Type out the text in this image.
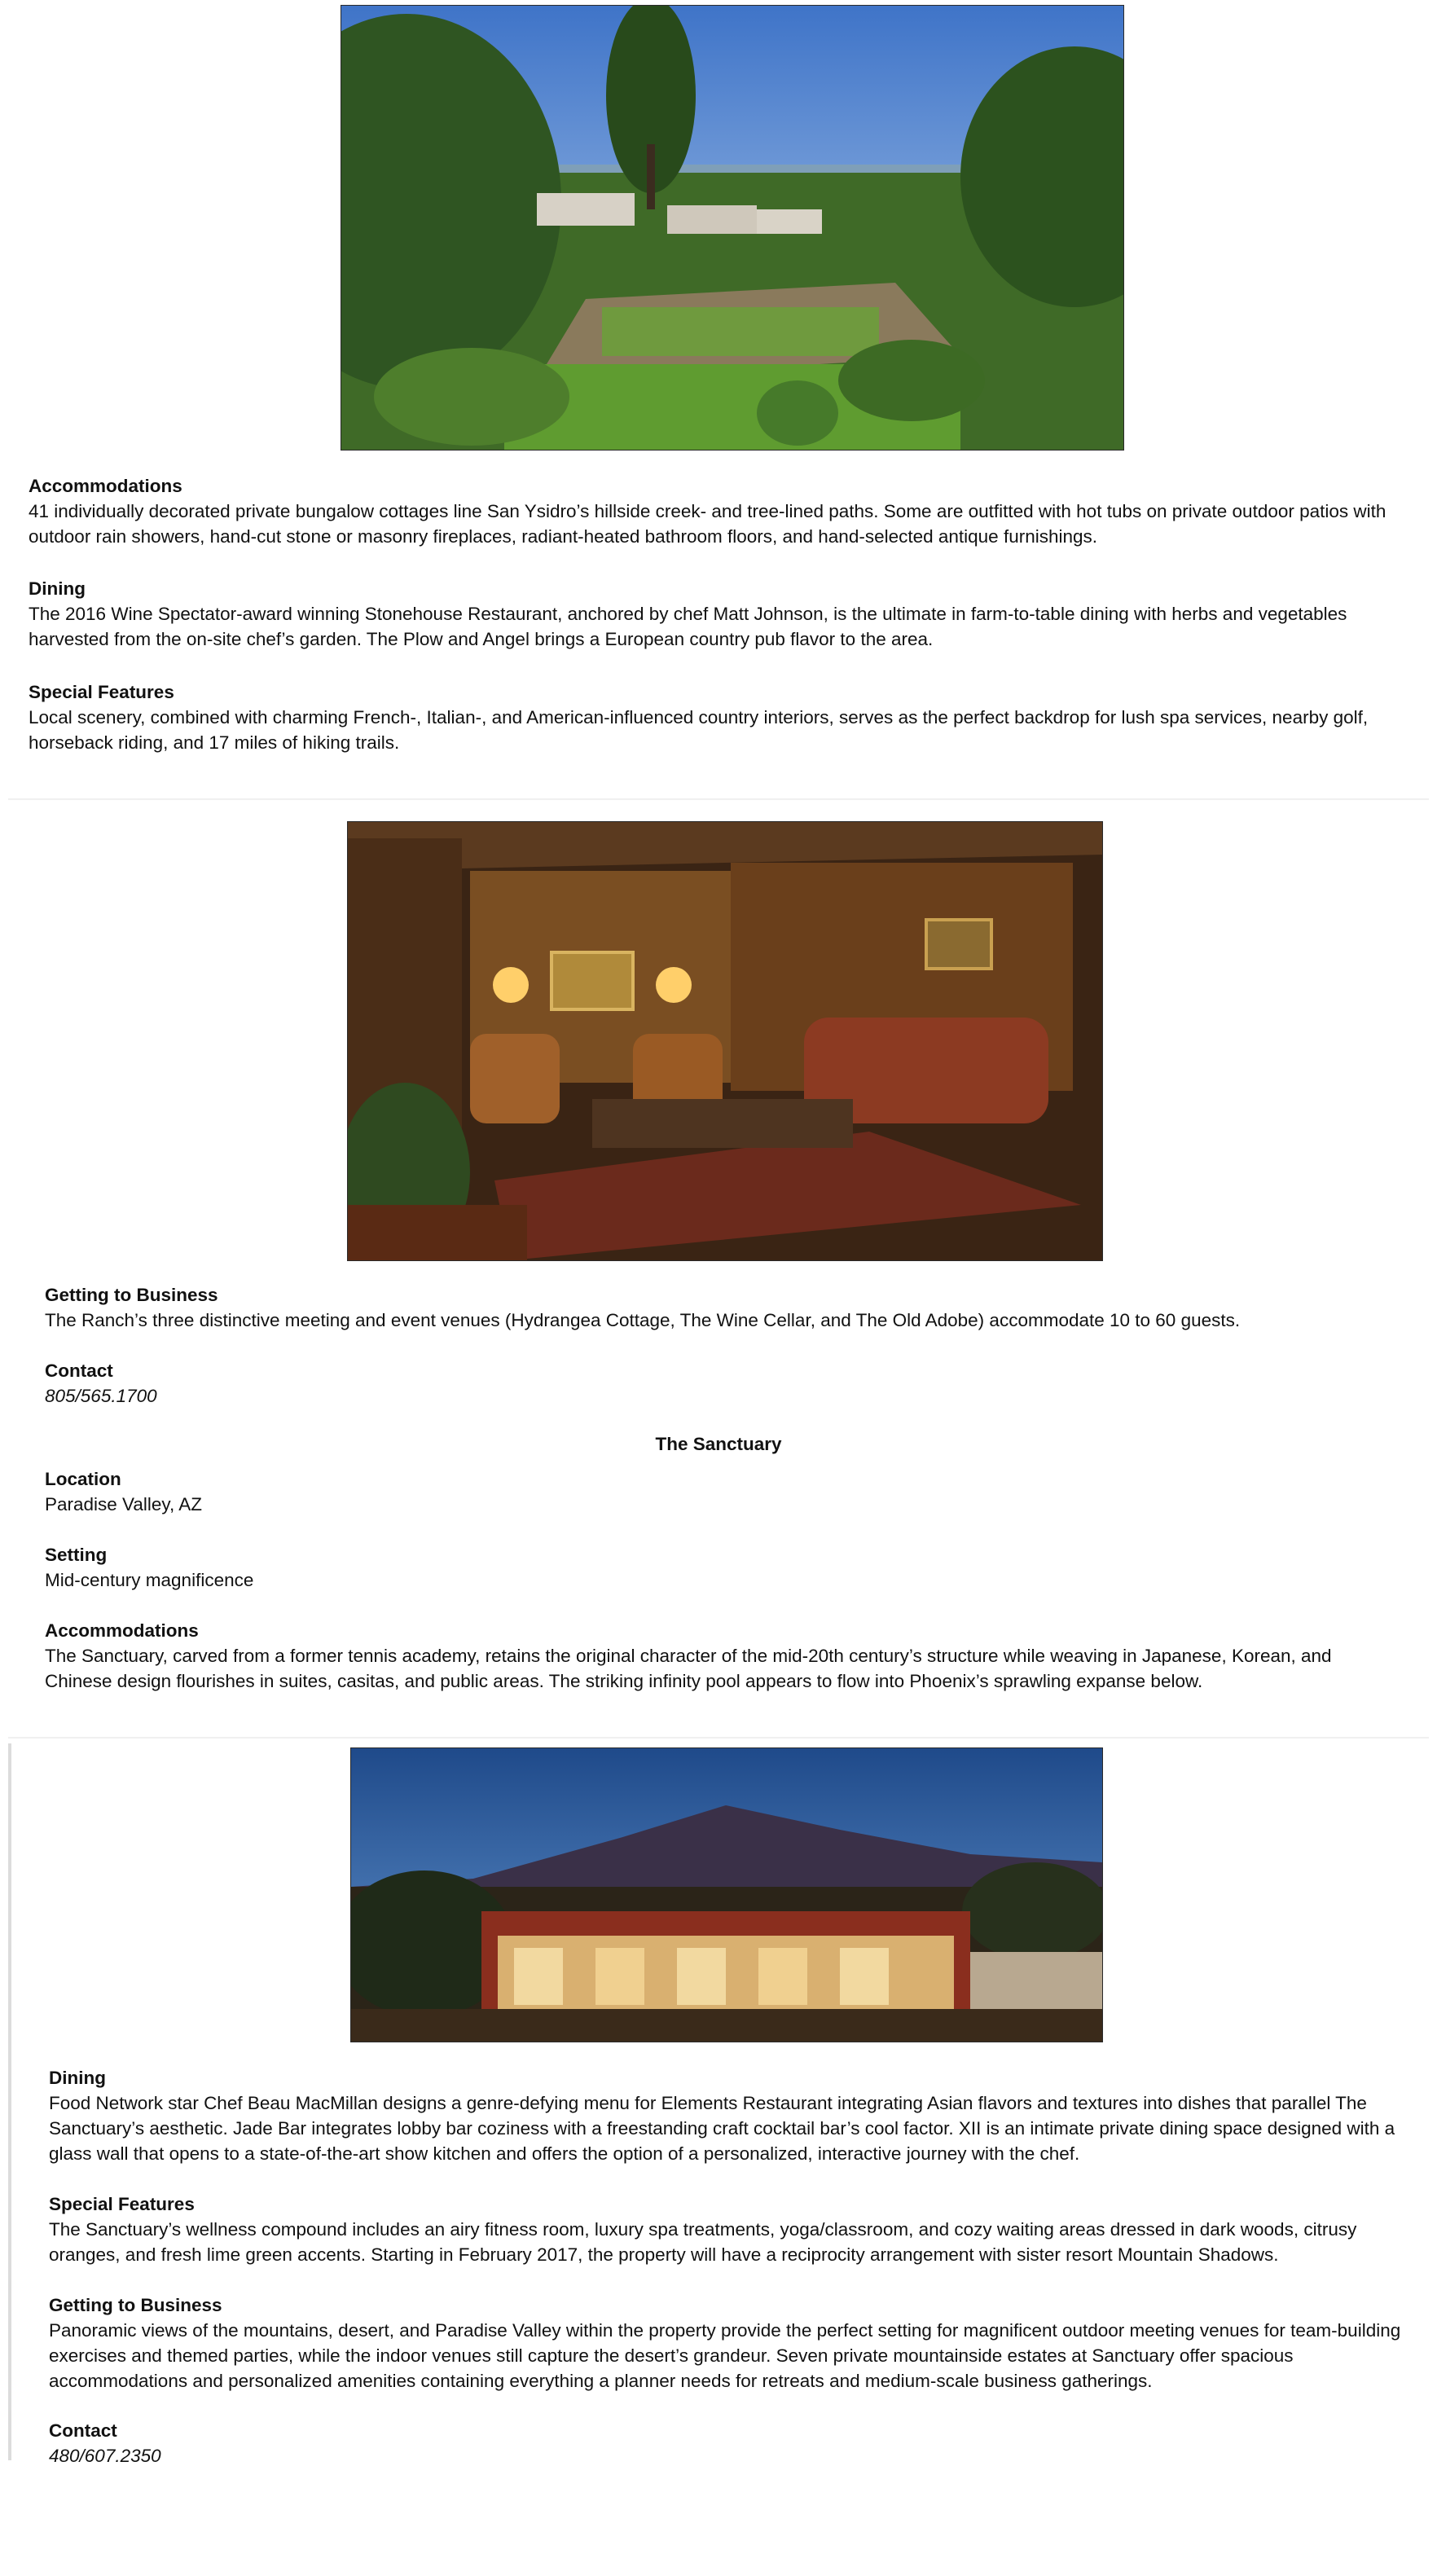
Accommodations
41 individually decorated private bungalow cottages line San Ysidro’s hillside creek- and tree-lined paths. Some are outfitted with hot tubs on private outdoor patios with outdoor rain showers, hand-cut stone or masonry fireplaces, radiant-heated bathroom floors, and hand-selected antique furnishings.
Dining
The 2016 Wine Spectator-award winning Stonehouse Restaurant, anchored by chef Matt Johnson, is the ultimate in farm-to-table dining with herbs and vegetables harvested from the on-site chef’s garden. The Plow and Angel brings a European country pub flavor to the area.
Special Features
Local scenery, combined with charming French-, Italian-, and American-influenced country interiors, serves as the perfect backdrop for lush spa services, nearby golf, horseback riding, and 17 miles of hiking trails.
Getting to Business
The Ranch’s three distinctive meeting and event venues (Hydrangea Cottage, The Wine Cellar, and The Old Adobe) accommodate 10 to 60 guests.
Contact
805/565.1700
The Sanctuary
Location
Paradise Valley, AZ
Setting
Mid-century magnificence
Accommodations
The Sanctuary, carved from a former tennis academy, retains the original character of the mid-20th century’s structure while weaving in Japanese, Korean, and Chinese design flourishes in suites, casitas, and public areas. The striking infinity pool appears to flow into Phoenix’s sprawling expanse below.
Dining
Food Network star Chef Beau MacMillan designs a genre-defying menu for Elements Restaurant integrating Asian flavors and textures into dishes that parallel The Sanctuary’s aesthetic. Jade Bar integrates lobby bar coziness with a freestanding craft cocktail bar’s cool factor. XII is an intimate private dining space designed with a glass wall that opens to a state-of-the-art show kitchen and offers the option of a personalized, interactive journey with the chef.
Special Features
The Sanctuary’s wellness compound includes an airy fitness room, luxury spa treatments, yoga/classroom, and cozy waiting areas dressed in dark woods, citrusy oranges, and fresh lime green accents. Starting in February 2017, the property will have a reciprocity arrangement with sister resort Mountain Shadows.
Getting to Business
Panoramic views of the mountains, desert, and Paradise Valley within the property provide the perfect setting for magnificent outdoor meeting venues for team-building exercises and themed parties, while the indoor venues still capture the desert’s grandeur. Seven private mountainside estates at Sanctuary offer spacious accommodations and personalized amenities containing everything a planner needs for retreats and medium-scale business gatherings.
Contact
480/607.2350
